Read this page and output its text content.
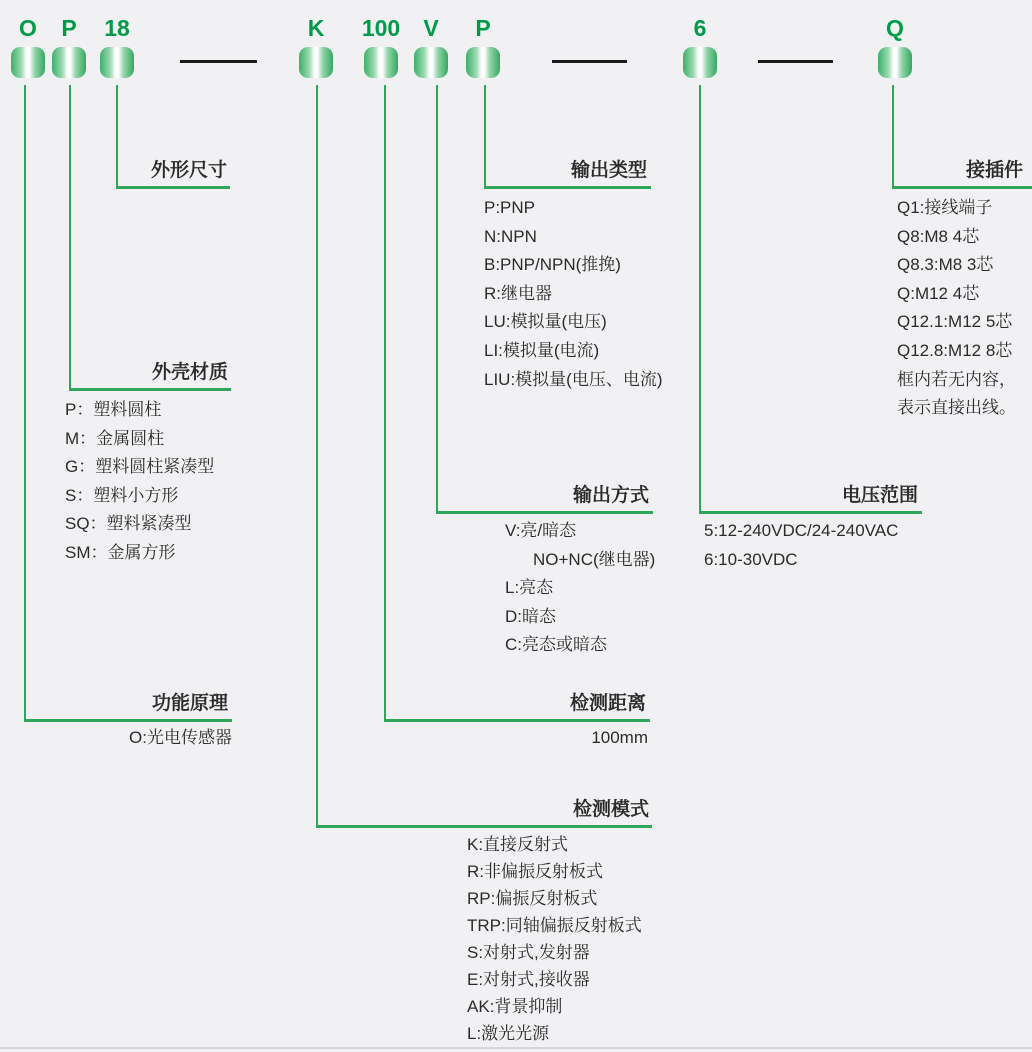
O	P	18	K	100	V	P	6	Q
外形尺寸	输出类型	接插件
外壳材质
输出方式	电压范围
功能原理	检测距离
检测模式
P:PNP
N:NPN
B:PNP/NPN(推挽)
R:继电器
LU:模拟量(电压)
LI:模拟量(电流)
LIU:模拟量(电压、电流)
Q1:接线端子
Q8:M8 4芯
Q8.3:M8 3芯
Q:M12 4芯
Q12.1:M12 5芯
Q12.8:M12 8芯
框内若无内容，
表示直接出线。
P：塑料圆柱
M：金属圆柱
G：塑料圆柱紧凑型
S：塑料小方形
SQ：塑料紧凑型
SM：金属方形
V:亮/暗态
NO+NC(继电器)
L:亮态
D:暗态
C:亮态或暗态
5:12-240VDC/24-240VAC
6:10-30VDC
O:光电传感器	100mm
K:直接反射式
R:非偏振反射板式
RP:偏振反射板式
TRP:同轴偏振反射板式
S:对射式,发射器
E:对射式,接收器
AK:背景抑制
L:激光光源
